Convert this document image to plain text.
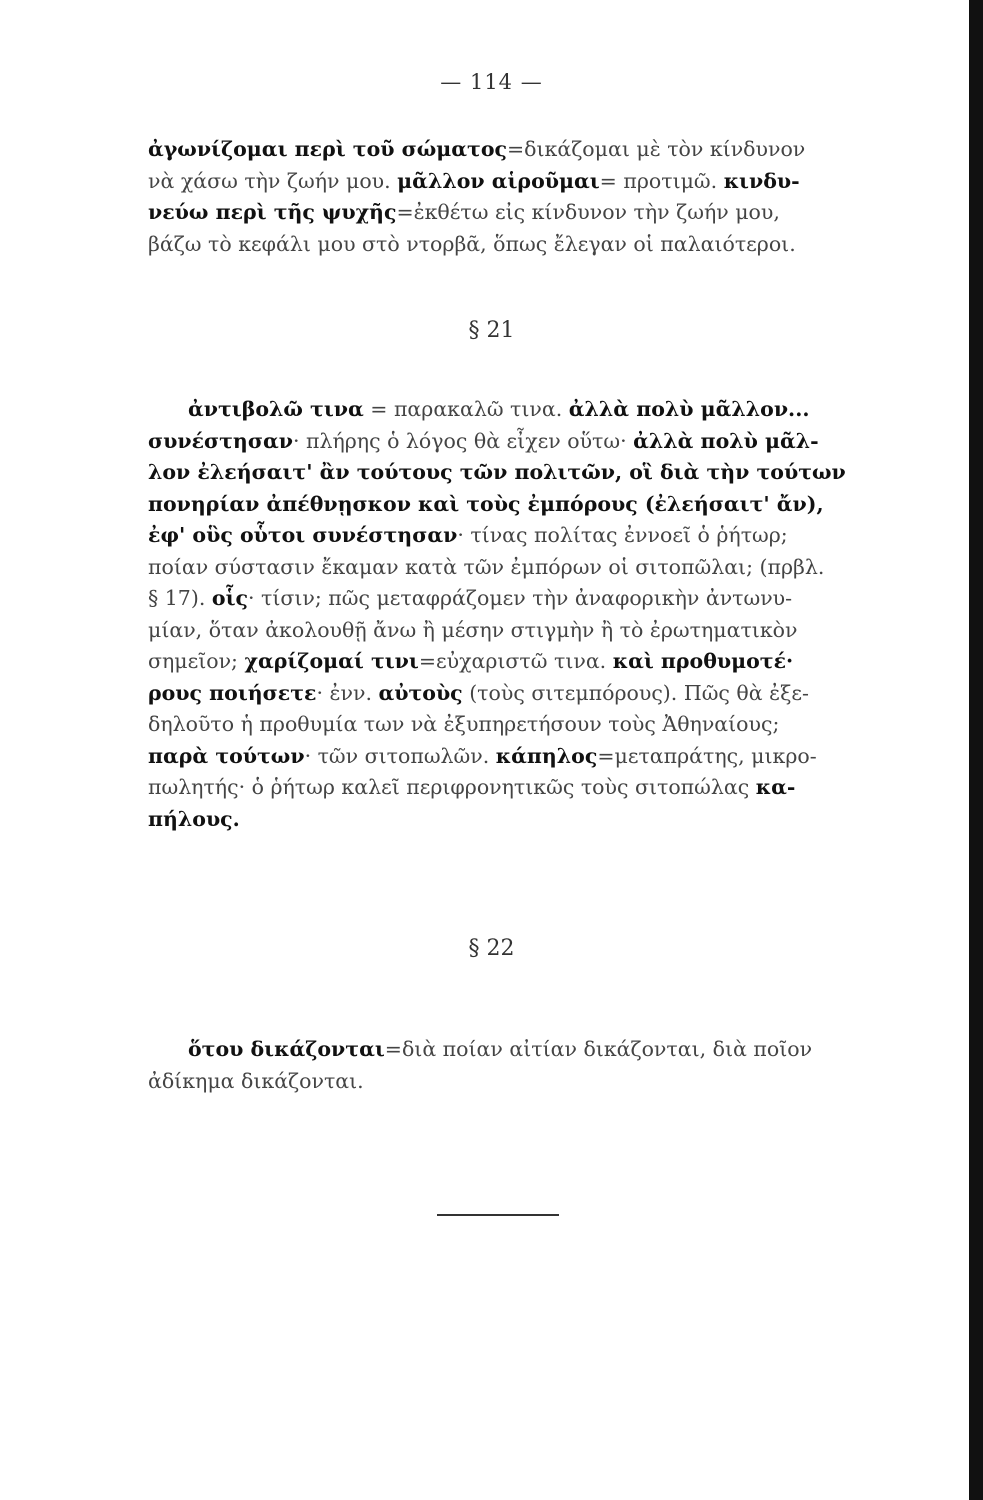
— 114 —
ἀγωνίζομαι περὶ τοῦ σώματος=δικάζομαι μὲ τὸν κίνδυνον
νὰ χάσω τὴν ζωήν μου. μᾶλλον αἱροῦμαι= προτιμῶ. κινδυ-
νεύω περὶ τῆς ψυχῆς=ἐκθέτω εἰς κίνδυνον τὴν ζωήν μου,
βάζω τὸ κεφάλι μου στὸ ντορβᾶ, ὅπως ἔλεγαν οἱ παλαιότεροι.
§ 21
ἀντιβολῶ τινα = παρακαλῶ τινα. ἀλλὰ πολὺ μᾶλλον...
συνέστησαν· πλήρης ὁ λόγος θὰ εἶχεν οὕτω· ἀλλὰ πολὺ μᾶλ-
λον ἐλεήσαιτ' ἂν τούτους τῶν πολιτῶν, οἳ διὰ τὴν τούτων
πονηρίαν ἀπέθνῃσκον καὶ τοὺς ἐμπόρους (ἐλεήσαιτ' ἄν),
ἐφ' οὓς οὗτοι συνέστησαν· τίνας πολίτας ἐννοεῖ ὁ ῥήτωρ;
ποίαν σύστασιν ἔκαμαν κατὰ τῶν ἐμπόρων οἱ σιτοπῶλαι; (πρβλ.
§ 17). οἷς· τίσιν; πῶς μεταφράζομεν τὴν ἀναφορικὴν ἀντωνυ-
μίαν, ὅταν ἀκολουθῇ ἄνω ἢ μέσην στιγμὴν ἢ τὸ ἐρωτηματικὸν
σημεῖον; χαρίζομαί τινι=εὐχαριστῶ τινα. καὶ προθυμοτέ·
ρους ποιήσετε· ἐνν. αὐτοὺς (τοὺς σιτεμπόρους). Πῶς θὰ ἐξε-
δηλοῦτο ἡ προθυμία των νὰ ἐξυπηρετήσουν τοὺς Ἀθηναίους;
παρὰ τούτων· τῶν σιτοπωλῶν. κάπηλος=μεταπράτης, μικρο-
πωλητής· ὁ ῥήτωρ καλεῖ περιφρονητικῶς τοὺς σιτοπώλας κα-
πήλους.
§ 22
ὅτου δικάζονται=διὰ ποίαν αἰτίαν δικάζονται, διὰ ποῖον
ἀδίκημα δικάζονται.
